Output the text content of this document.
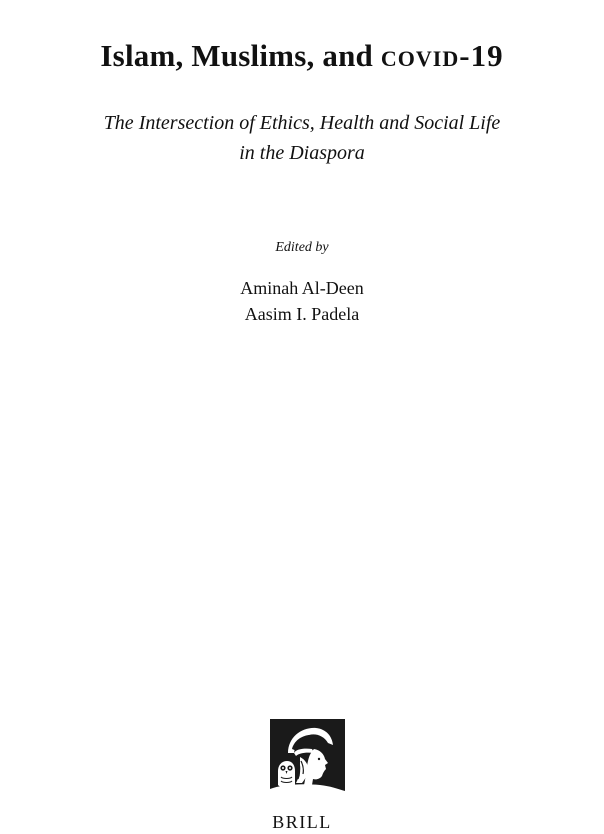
Islam, Muslims, and covid-19
The Intersection of Ethics, Health and Social Life
in the Diaspora
Edited by
Aminah Al-Deen
Aasim I. Padela
BRILL
